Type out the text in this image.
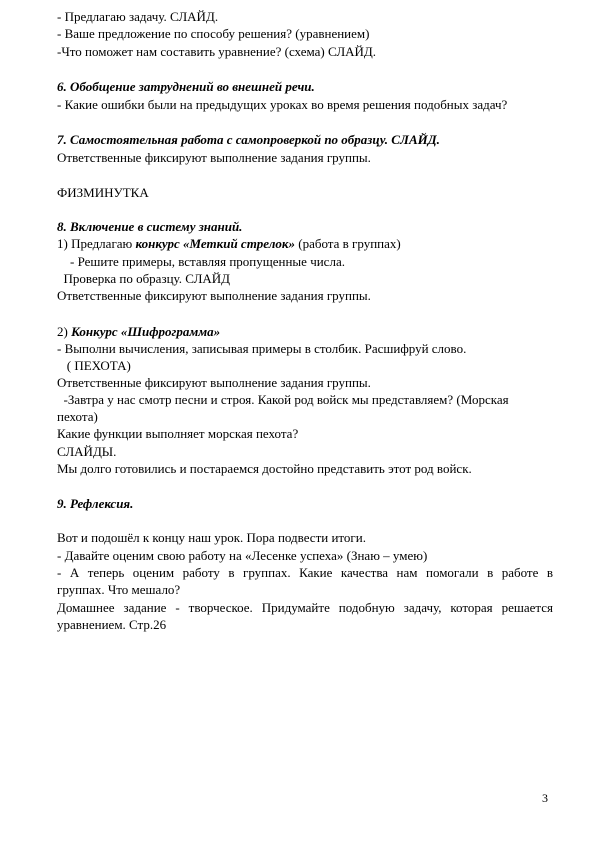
- Предлагаю задачу. СЛАЙД.
- Ваше предложение по способу решения? (уравнением)
-Что поможет нам составить уравнение? (схема) СЛАЙД.
6. Обобщение затруднений во внешней речи.
- Какие ошибки были на предыдущих уроках во время решения подобных задач?
7. Самостоятельная работа с самопроверкой по образцу. СЛАЙД.
Ответственные фиксируют выполнение задания группы.
ФИЗМИНУТКА
8. Включение в систему знаний.
1) Предлагаю конкурс «Меткий стрелок» (работа в группах)
- Решите примеры, вставляя пропущенные числа.
Проверка по образцу. СЛАЙД
Ответственные фиксируют выполнение задания группы.
2) Конкурс «Шифрограмма»
- Выполни вычисления, записывая примеры в столбик. Расшифруй слово.
( ПЕХОТА)
Ответственные фиксируют выполнение задания группы.
-Завтра у нас смотр песни и строя. Какой род войск мы представляем? (Морская
пехота)
Какие функции выполняет морская пехота?
СЛАЙДЫ.
Мы долго готовились и постараемся достойно представить этот род войск.
9. Рефлексия.
Вот и подошёл к концу наш урок. Пора подвести итоги.
- Давайте оценим свою работу на «Лесенке успеха» (Знаю – умею)
- А теперь оценим работу в группах. Какие качества нам помогали в работе в
группах. Что мешало?
Домашнее задание - творческое. Придумайте подобную задачу, которая решается
уравнением. Стр.26
3
